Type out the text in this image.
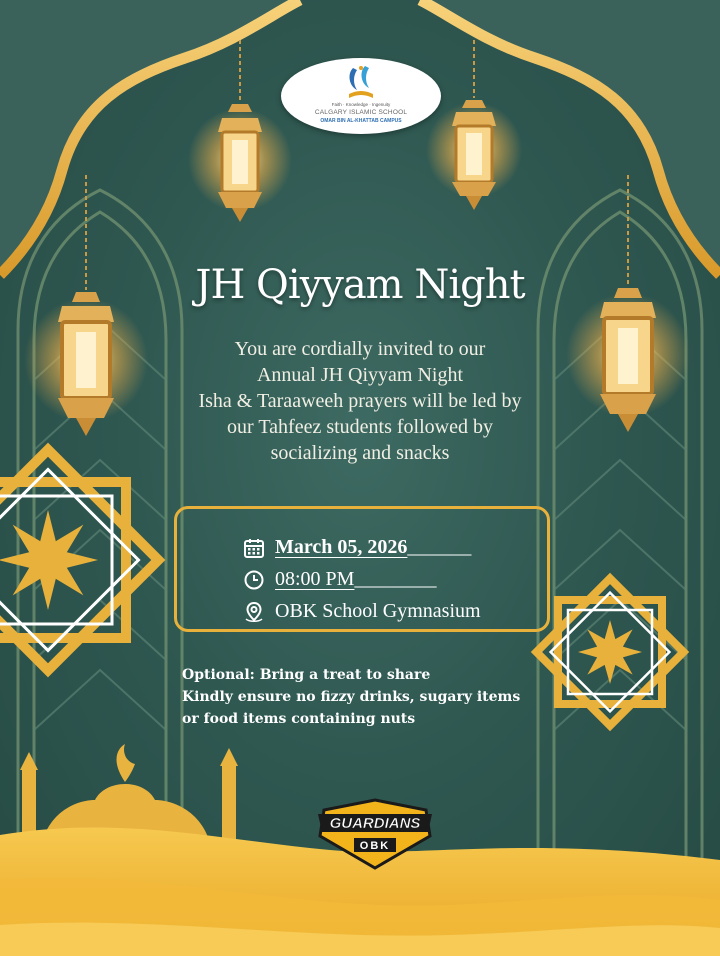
Faith · Knowledge · Ingenuity
CALGARY ISLAMIC SCHOOL
OMAR BIN AL-KHATTAB CAMPUS
JH Qiyyam Night
You are cordially invited to our
Annual JH Qiyyam Night
Isha & Taraaweeh prayers will be led by
our Tahfeez students followed by
socializing and snacks
March 05, 2026 _______
08:00 PM _________
OBK School Gymnasium
Optional: Bring a treat to share
Kindly ensure no fizzy drinks, sugary items
or food items containing nuts
GUARDIANS
OBK
